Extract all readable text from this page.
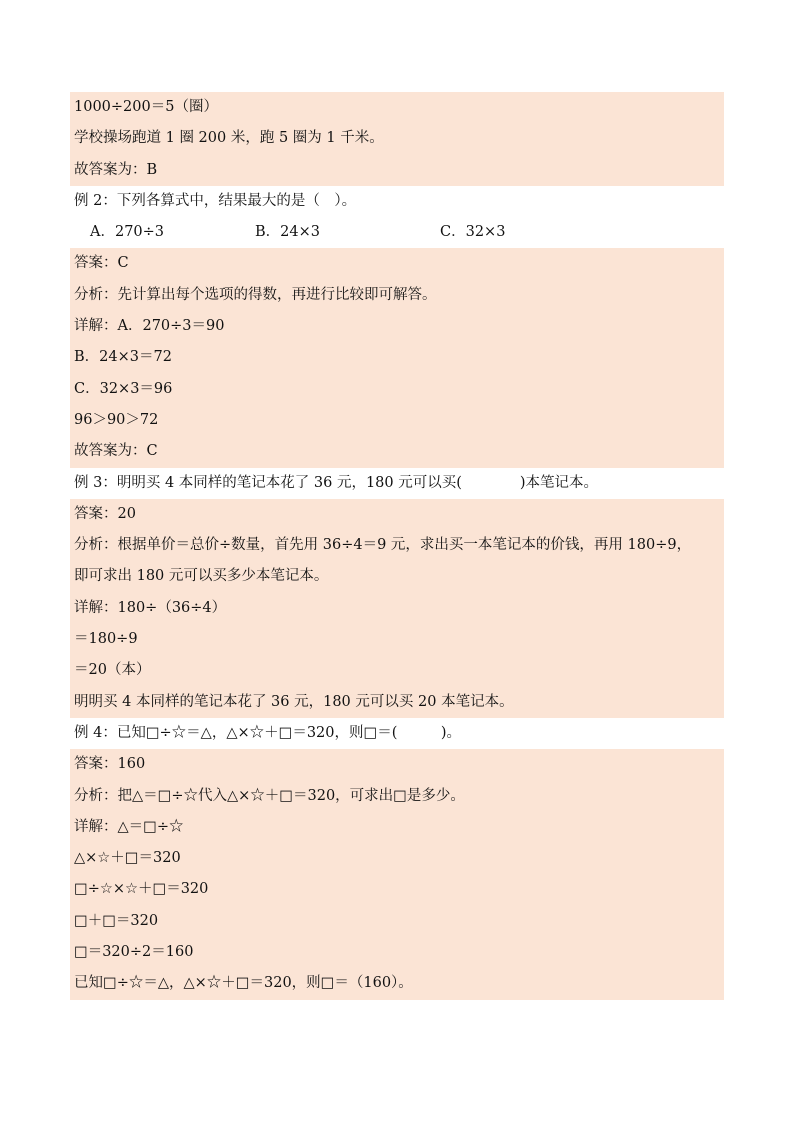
1000÷200＝5（圈）
学校操场跑道 1 圈 200 米，跑 5 圈为 1 千米。
故答案为：B
例 2：下列各算式中，结果最大的是（　）。
A．270÷3	B．24×3	C．32×3
答案：C
分析：先计算出每个选项的得数，再进行比较即可解答。
详解：A．270÷3＝90
B．24×3＝72
C．32×3＝96
96＞90＞72
故答案为：C
例 3：明明买 4 本同样的笔记本花了 36 元，180 元可以买(　　　　)本笔记本。
答案：20
分析：根据单价＝总价÷数量，首先用 36÷4＝9 元，求出买一本笔记本的价钱，再用 180÷9，
即可求出 180 元可以买多少本笔记本。
详解：180÷（36÷4）
＝180÷9
＝20（本）
明明买 4 本同样的笔记本花了 36 元，180 元可以买 20 本笔记本。
例 4：已知□÷☆＝△，△×☆＋□＝320，则□＝(　　　)。
答案：160
分析：把△＝□÷☆代入△×☆＋□＝320，可求出□是多少。
详解：△＝□÷☆
△×☆＋□＝320
□÷☆×☆＋□＝320
□＋□＝320
□＝320÷2＝160
已知□÷☆＝△，△×☆＋□＝320，则□＝（160）。
